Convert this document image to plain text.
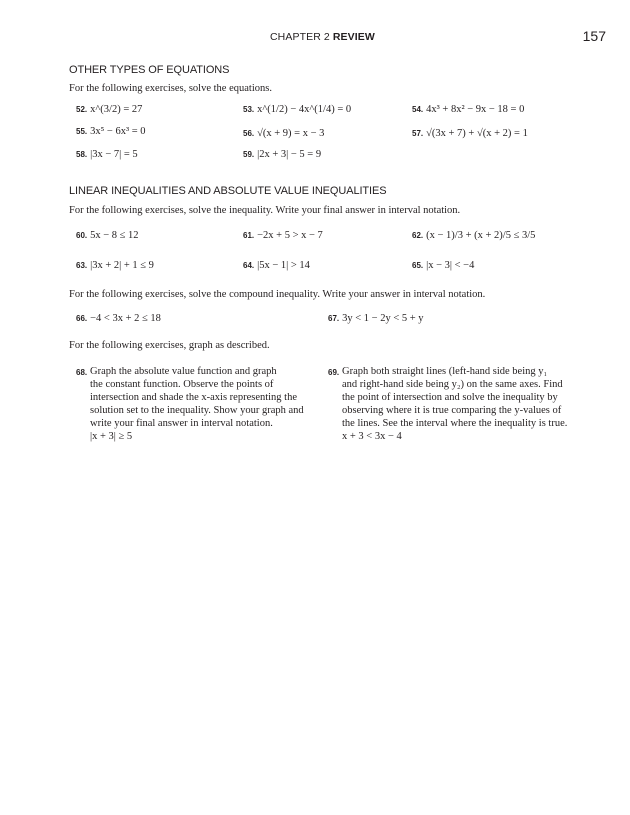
CHAPTER 2 REVIEW	157
OTHER TYPES OF EQUATIONS
For the following exercises, solve the equations.
52. x^(3/2) = 27	53. x^(1/2) − 4x^(1/4) = 0	54. 4x³ + 8x² − 9x − 18 = 0
55. 3x⁵ − 6x³ = 0	56. √(x + 9) = x − 3	57. √(3x + 7) + √(x + 2) = 1
58. |3x − 7| = 5	59. |2x + 3| − 5 = 9
LINEAR INEQUALITIES AND ABSOLUTE VALUE INEQUALITIES
For the following exercises, solve the inequality. Write your final answer in interval notation.
60. 5x − 8 ≤ 12	61. −2x + 5 > x − 7	62. (x − 1)/3 + (x + 2)/5 ≤ 3/5
63. |3x + 2| + 1 ≤ 9	64. |5x − 1| > 14	65. |x − 3| < −4
For the following exercises, solve the compound inequality. Write your answer in interval notation.
66. −4 < 3x + 2 ≤ 18	67. 3y < 1 − 2y < 5 + y
For the following exercises, graph as described.
68. Graph the absolute value function and graph
the constant function. Observe the points of
intersection and shade the x-axis representing the
solution set to the inequality. Show your graph and
write your final answer in interval notation.
|x + 3| ≥ 5
69. Graph both straight lines (left-hand side being y₁
and right-hand side being y₂) on the same axes. Find
the point of intersection and solve the inequality by
observing where it is true comparing the y-values of
the lines. See the interval where the inequality is true.
x + 3 < 3x − 4
